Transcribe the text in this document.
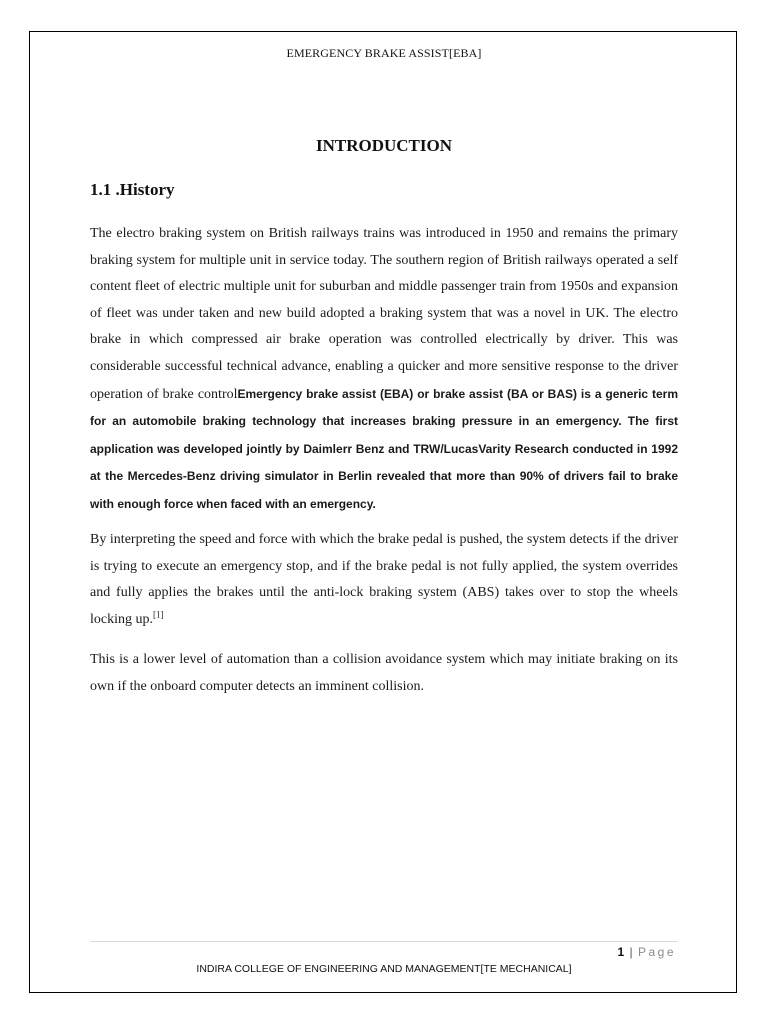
EMERGENCY BRAKE ASSIST[EBA]
INTRODUCTION
1.1 .History

The electro braking system on British railways trains was introduced in 1950 and remains the primary braking system for multiple unit in service today. The southern region of British railways operated a self content fleet of electric multiple unit for suburban and middle passenger train from 1950s and expansion of fleet was under taken and new build adopted a braking system that was a novel in UK. The electro brake in which compressed air brake operation was controlled electrically by driver. This was considerable successful technical advance, enabling a quicker and more sensitive response to the driver operation of brake controlEmergency brake assist (EBA) or brake assist (BA or BAS) is a generic term for an automobile braking technology that increases braking pressure in an emergency. The first application was developed jointly by Daimlerr Benz and TRW/LucasVarity Research conducted in 1992 at the Mercedes-Benz driving simulator in Berlin revealed that more than 90% of drivers fail to brake with enough force when faced with an emergency.

By interpreting the speed and force with which the brake pedal is pushed, the system detects if the driver is trying to execute an emergency stop, and if the brake pedal is not fully applied, the system overrides and fully applies the brakes until the anti-lock braking system (ABS) takes over to stop the wheels locking up.[1]

This is a lower level of automation than a collision avoidance system which may initiate braking on its own if the onboard computer detects an imminent collision.

1 | Page
INDIRA COLLEGE OF ENGINEERING AND MANAGEMENT[TE MECHANICAL]
